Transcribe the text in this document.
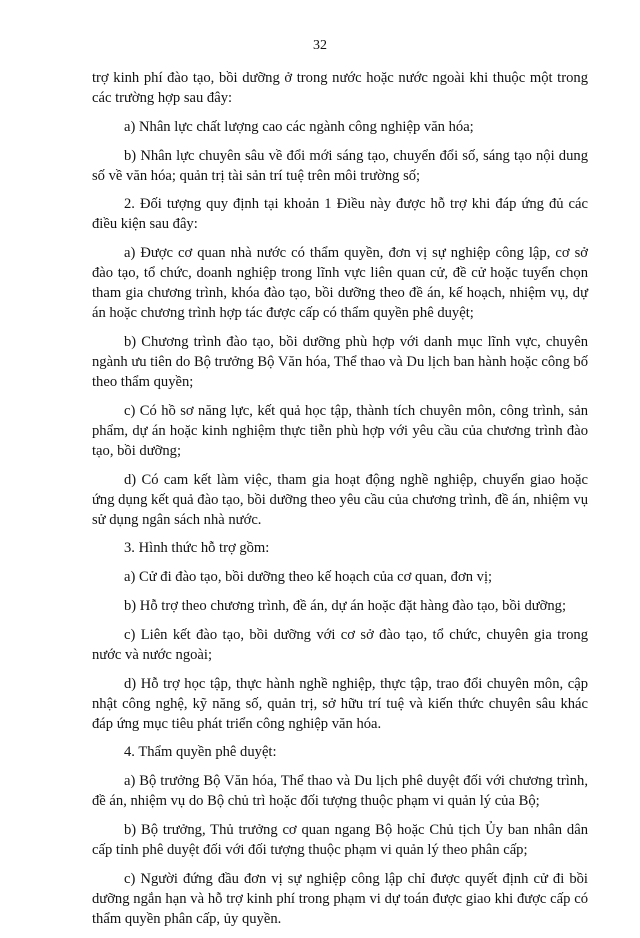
32

trợ kinh phí đào tạo, bồi dưỡng ở trong nước hoặc nước ngoài khi thuộc một trong các trường hợp sau đây:

a) Nhân lực chất lượng cao các ngành công nghiệp văn hóa;

b) Nhân lực chuyên sâu về đổi mới sáng tạo, chuyển đổi số, sáng tạo nội dung số về văn hóa; quản trị tài sản trí tuệ trên môi trường số;

2. Đối tượng quy định tại khoản 1 Điều này được hỗ trợ khi đáp ứng đủ các điều kiện sau đây:

a) Được cơ quan nhà nước có thẩm quyền, đơn vị sự nghiệp công lập, cơ sở đào tạo, tổ chức, doanh nghiệp trong lĩnh vực liên quan cử, đề cử hoặc tuyển chọn tham gia chương trình, khóa đào tạo, bồi dưỡng theo đề án, kế hoạch, nhiệm vụ, dự án hoặc chương trình hợp tác được cấp có thẩm quyền phê duyệt;

b) Chương trình đào tạo, bồi dưỡng phù hợp với danh mục lĩnh vực, chuyên ngành ưu tiên do Bộ trưởng Bộ Văn hóa, Thể thao và Du lịch ban hành hoặc công bố theo thẩm quyền;

c) Có hồ sơ năng lực, kết quả học tập, thành tích chuyên môn, công trình, sản phẩm, dự án hoặc kinh nghiệm thực tiễn phù hợp với yêu cầu của chương trình đào tạo, bồi dưỡng;

d) Có cam kết làm việc, tham gia hoạt động nghề nghiệp, chuyển giao hoặc ứng dụng kết quả đào tạo, bồi dưỡng theo yêu cầu của chương trình, đề án, nhiệm vụ sử dụng ngân sách nhà nước.

3. Hình thức hỗ trợ gồm:

a) Cử đi đào tạo, bồi dưỡng theo kế hoạch của cơ quan, đơn vị;

b) Hỗ trợ theo chương trình, đề án, dự án hoặc đặt hàng đào tạo, bồi dưỡng;

c) Liên kết đào tạo, bồi dưỡng với cơ sở đào tạo, tổ chức, chuyên gia trong nước và nước ngoài;

d) Hỗ trợ học tập, thực hành nghề nghiệp, thực tập, trao đổi chuyên môn, cập nhật công nghệ, kỹ năng số, quản trị, sở hữu trí tuệ và kiến thức chuyên sâu khác đáp ứng mục tiêu phát triển công nghiệp văn hóa.

4. Thẩm quyền phê duyệt:

a) Bộ trưởng Bộ Văn hóa, Thể thao và Du lịch phê duyệt đối với chương trình, đề án, nhiệm vụ do Bộ chủ trì hoặc đối tượng thuộc phạm vi quản lý của Bộ;

b) Bộ trưởng, Thủ trưởng cơ quan ngang Bộ hoặc Chủ tịch Ủy ban nhân dân cấp tỉnh phê duyệt đối với đối tượng thuộc phạm vi quản lý theo phân cấp;

c) Người đứng đầu đơn vị sự nghiệp công lập chỉ được quyết định cử đi bồi dưỡng ngắn hạn và hỗ trợ kinh phí trong phạm vi dự toán được giao khi được cấp có thẩm quyền phân cấp, ủy quyền.
